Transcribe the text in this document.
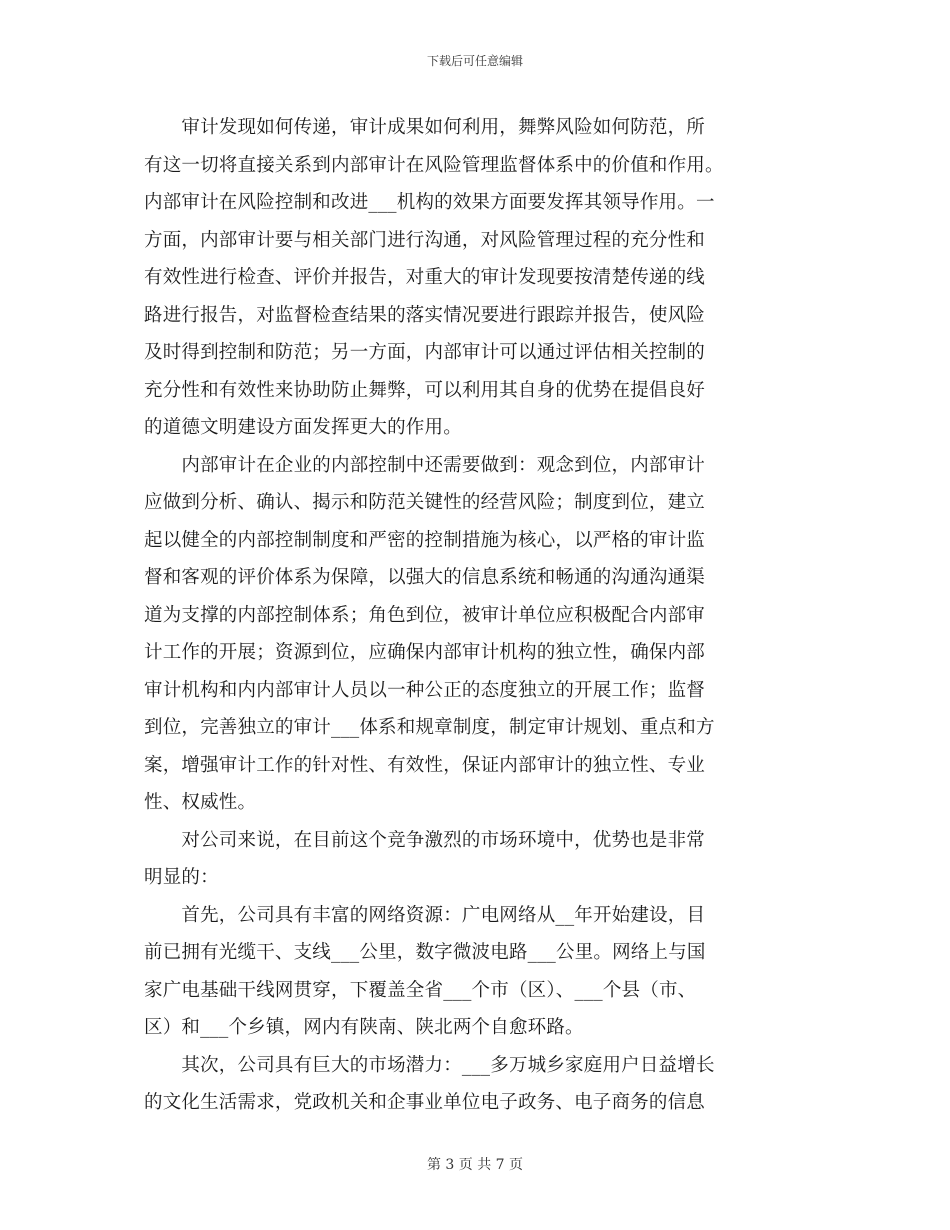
下载后可任意编辑
　　审计发现如何传递，审计成果如何利用，舞弊风险如何防范，所
有这一切将直接关系到内部审计在风险管理监督体系中的价值和作用。
内部审计在风险控制和改进___机构的效果方面要发挥其领导作用。一
方面，内部审计要与相关部门进行沟通，对风险管理过程的充分性和
有效性进行检查、评价并报告，对重大的审计发现要按清楚传递的线
路进行报告，对监督检查结果的落实情况要进行跟踪并报告，使风险
及时得到控制和防范；另一方面，内部审计可以通过评估相关控制的
充分性和有效性来协助防止舞弊，可以利用其自身的优势在提倡良好
的道德文明建设方面发挥更大的作用。
　　内部审计在企业的内部控制中还需要做到：观念到位，内部审计
应做到分析、确认、揭示和防范关键性的经营风险；制度到位，建立
起以健全的内部控制制度和严密的控制措施为核心，以严格的审计监
督和客观的评价体系为保障，以强大的信息系统和畅通的沟通沟通渠
道为支撑的内部控制体系；角色到位，被审计单位应积极配合内部审
计工作的开展；资源到位，应确保内部审计机构的独立性，确保内部
审计机构和内内部审计人员以一种公正的态度独立的开展工作；监督
到位，完善独立的审计___体系和规章制度，制定审计规划、重点和方
案，增强审计工作的针对性、有效性，保证内部审计的独立性、专业
性、权威性。
　　对公司来说，在目前这个竞争激烈的市场环境中，优势也是非常
明显的：
　　首先，公司具有丰富的网络资源：广电网络从__年开始建设，目
前已拥有光缆干、支线___公里，数字微波电路___公里。网络上与国
家广电基础干线网贯穿，下覆盖全省___个市（区）、___个县（市、
区）和___个乡镇，网内有陕南、陕北两个自愈环路。
　　其次，公司具有巨大的市场潜力：___多万城乡家庭用户日益增长
的文化生活需求，党政机关和企事业单位电子政务、电子商务的信息
第 3 页 共 7 页
